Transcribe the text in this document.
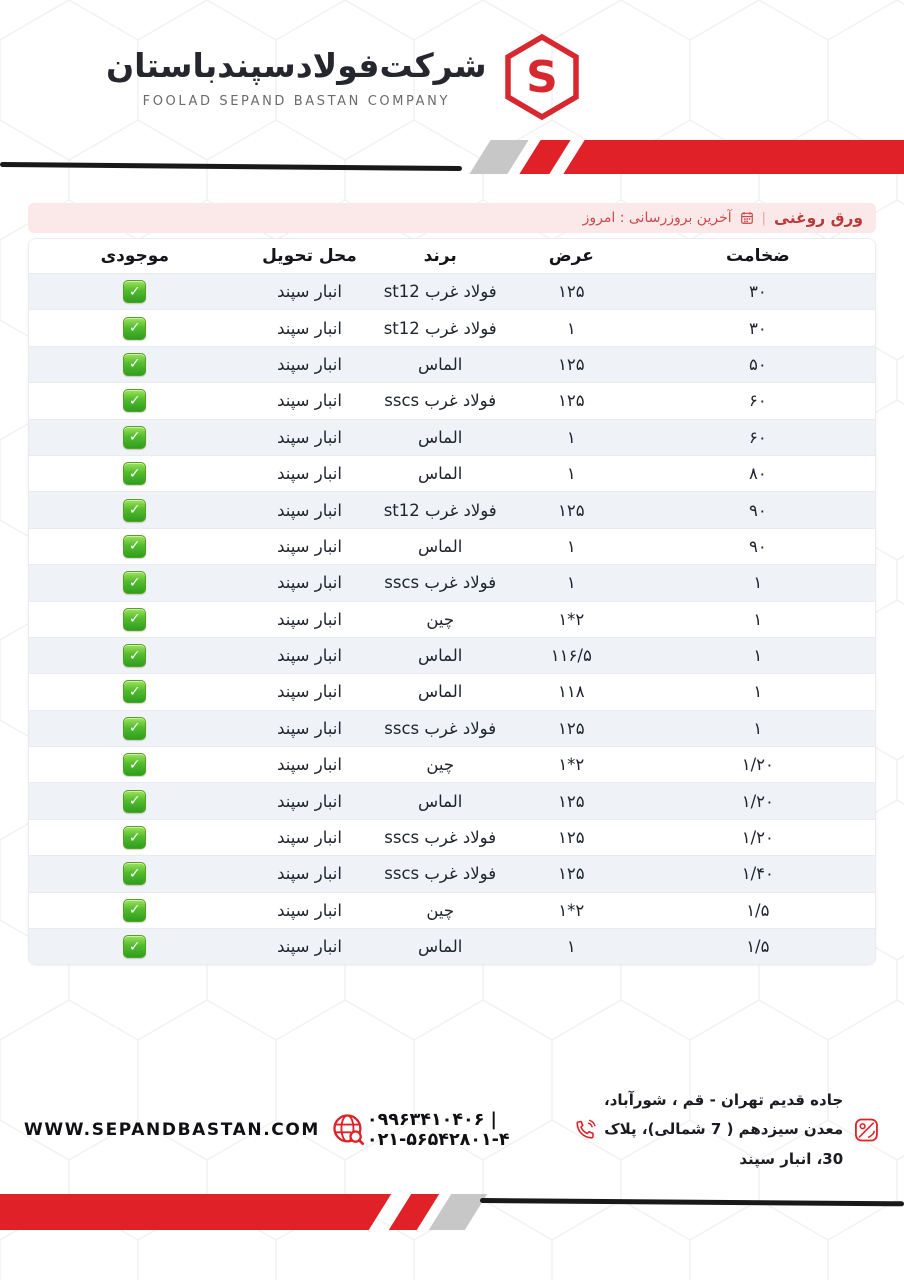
S
شرکت‌فولادسپندباستان
FOOLAD SEPAND BASTAN COMPANY
ورق روغنی
|
آخرین بروزرسانی : امروز
ضخامت
عرض
برند
محل تحویل
موجودی
۳۰
۱۲۵
فولاد غرب st12
انبار سپند
✓
۳۰
۱
فولاد غرب st12
انبار سپند
✓
۵۰
۱۲۵
الماس
انبار سپند
✓
۶۰
۱۲۵
فولاد غرب sscs
انبار سپند
✓
۶۰
۱
الماس
انبار سپند
✓
۸۰
۱
الماس
انبار سپند
✓
۹۰
۱۲۵
فولاد غرب st12
انبار سپند
✓
۹۰
۱
الماس
انبار سپند
✓
۱
۱
فولاد غرب sscs
انبار سپند
✓
۱
۱*۲
چین
انبار سپند
✓
۱
۱۱۶/۵
الماس
انبار سپند
✓
۱
۱۱۸
الماس
انبار سپند
✓
۱
۱۲۵
فولاد غرب sscs
انبار سپند
✓
۱/۲۰
۱*۲
چین
انبار سپند
✓
۱/۲۰
۱۲۵
الماس
انبار سپند
✓
۱/۲۰
۱۲۵
فولاد غرب sscs
انبار سپند
✓
۱/۴۰
۱۲۵
فولاد غرب sscs
انبار سپند
✓
۱/۵
۱*۲
چین
انبار سپند
✓
۱/۵
۱
الماس
انبار سپند
✓
جاده قدیم تهران - قم ، شورآباد،
معدن سیزدهم ( 7 شمالی)، پلاک 30، انبار سپند
۰۹۹۶۳۴۱۰۴۰۶ | ۰۲۱-۵۶۵۴۲۸۰۱-۴
WWW.SEPANDBASTAN.COM
